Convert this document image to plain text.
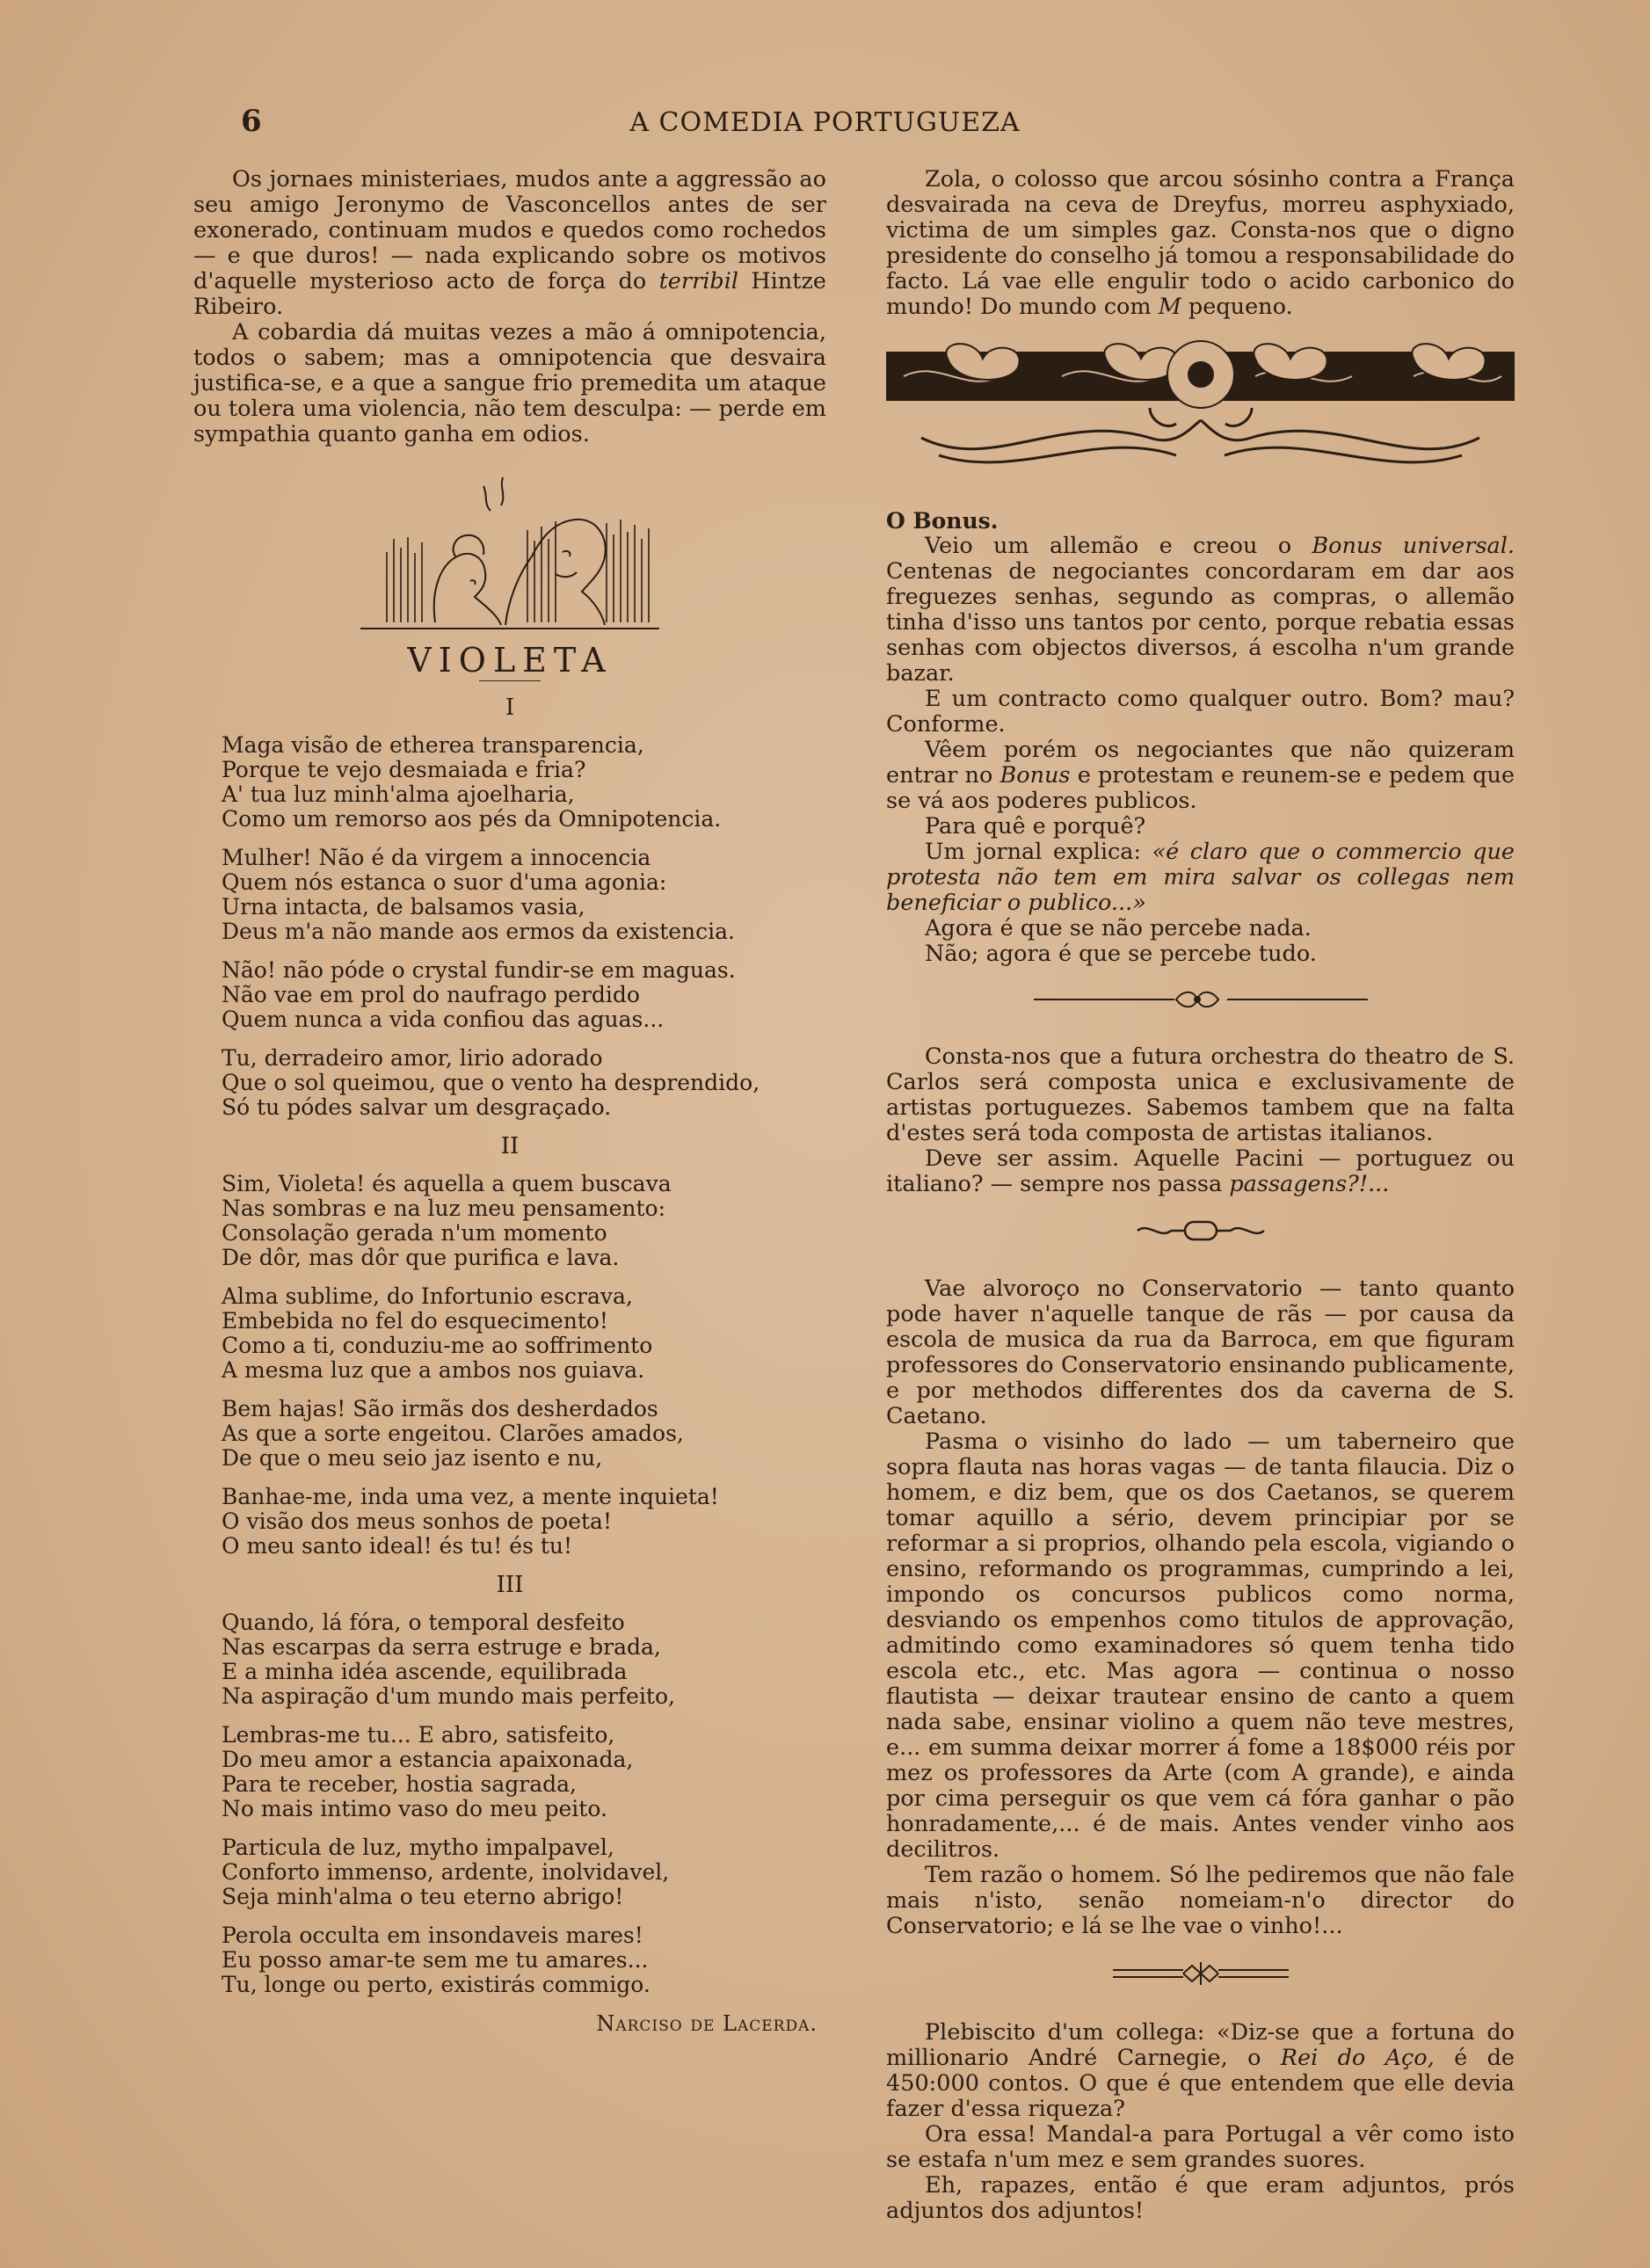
6	A COMEDIA PORTUGUEZA

Os jornaes ministeriaes, mudos ante a aggressão ao seu amigo Jeronymo de Vasconcellos antes de ser exonerado, continuam mudos e quedos como rochedos — e que duros! — nada explicando sobre os motivos d'aquelle mysterioso acto de força do terribil Hintze Ribeiro.

A cobardia dá muitas vezes a mão á omnipotencia, todos o sabem; mas a omnipotencia que desvaira justifica-se, e a que a sangue frio premedita um ataque ou tolera uma violencia, não tem desculpa: — perde em sympathia quanto ganha em odios.

VIOLETA
I
Maga visão de etherea transparencia,
Porque te vejo desmaiada e fria?
A' tua luz minh'alma ajoelharia,
Como um remorso aos pés da Omnipotencia.
Mulher! Não é da virgem a innocencia
Quem nós estanca o suor d'uma agonia:
Urna intacta, de balsamos vasia,
Deus m'a não mande aos ermos da existencia.
Não! não póde o crystal fundir-se em maguas.
Não vae em prol do naufrago perdido
Quem nunca a vida confiou das aguas...
Tu, derradeiro amor, lirio adorado
Que o sol queimou, que o vento ha desprendido,
Só tu pódes salvar um desgraçado.
II
Sim, Violeta! és aquella a quem buscava
Nas sombras e na luz meu pensamento:
Consolação gerada n'um momento
De dôr, mas dôr que purifica e lava.
Alma sublime, do Infortunio escrava,
Embebida no fel do esquecimento!
Como a ti, conduziu-me ao soffrimento
A mesma luz que a ambos nos guiava.
Bem hajas! São irmãs dos desherdados
As que a sorte engeitou. Clarões amados,
De que o meu seio jaz isento e nu,
Banhae-me, inda uma vez, a mente inquieta!
O visão dos meus sonhos de poeta!
O meu santo ideal! és tu! és tu!
III
Quando, lá fóra, o temporal desfeito
Nas escarpas da serra estruge e brada,
E a minha idéa ascende, equilibrada
Na aspiração d'um mundo mais perfeito,
Lembras-me tu... E abro, satisfeito,
Do meu amor a estancia apaixonada,
Para te receber, hostia sagrada,
No mais intimo vaso do meu peito.
Particula de luz, mytho impalpavel,
Conforto immenso, ardente, inolvidavel,
Seja minh'alma o teu eterno abrigo!
Perola occulta em insondaveis mares!
Eu posso amar-te sem me tu amares...
Tu, longe ou perto, existirás commigo.
Narciso de Lacerda.

Zola, o colosso que arcou sósinho contra a França desvairada na ceva de Dreyfus, morreu asphyxiado, victima de um simples gaz. Consta-nos que o digno presidente do conselho já tomou a responsabilidade do facto. Lá vae elle engulir todo o acido carbonico do mundo! Do mundo com M pequeno.

O Bonus.

Veio um allemão e creou o Bonus universal. Centenas de negociantes concordaram em dar aos freguezes senhas, segundo as compras, o allemão tinha d'isso uns tantos por cento, porque rebatia essas senhas com objectos diversos, á escolha n'um grande bazar.

E um contracto como qualquer outro. Bom? mau? Conforme.

Vêem porém os negociantes que não quizeram entrar no Bonus e protestam e reunem-se e pedem que se vá aos poderes publicos.

Para quê e porquê?

Um jornal explica: «é claro que o commercio que protesta não tem em mira salvar os collegas nem beneficiar o publico...»

Agora é que se não percebe nada.

Não; agora é que se percebe tudo.

Consta-nos que a futura orchestra do theatro de S. Carlos será composta unica e exclusivamente de artistas portuguezes. Sabemos tambem que na falta d'estes será toda composta de artistas italianos.

Deve ser assim. Aquelle Pacini — portuguez ou italiano? — sempre nos passa passagens?!...

Vae alvoroço no Conservatorio — tanto quanto pode haver n'aquelle tanque de rãs — por causa da escola de musica da rua da Barroca, em que figuram professores do Conservatorio ensinando publicamente, e por methodos differentes dos da caverna de S. Caetano.

Pasma o visinho do lado — um taberneiro que sopra flauta nas horas vagas — de tanta filaucia. Diz o homem, e diz bem, que os dos Caetanos, se querem tomar aquillo a sério, devem principiar por se reformar a si proprios, olhando pela escola, vigiando o ensino, reformando os programmas, cumprindo a lei, impondo os concursos publicos como norma, desviando os empenhos como titulos de approvação, admitindo como examinadores só quem tenha tido escola etc., etc. Mas agora — continua o nosso flautista — deixar trautear ensino de canto a quem nada sabe, ensinar violino a quem não teve mestres, e... em summa deixar morrer á fome a 18$000 réis por mez os professores da Arte (com A grande), e ainda por cima perseguir os que vem cá fóra ganhar o pão honradamente,... é de mais. Antes vender vinho aos decilitros.

Tem razão o homem. Só lhe pediremos que não fale mais n'isto, senão nomeiam-n'o director do Conservatorio; e lá se lhe vae o vinho!...

Plebiscito d'um collega: «Diz-se que a fortuna do millionario André Carnegie, o Rei do Aço, é de 450:000 contos. O que é que entendem que elle devia fazer d'essa riqueza?

Ora essa! Mandal-a para Portugal a vêr como isto se estafa n'um mez e sem grandes suores.

Eh, rapazes, então é que eram adjuntos, prós adjuntos dos adjuntos!
